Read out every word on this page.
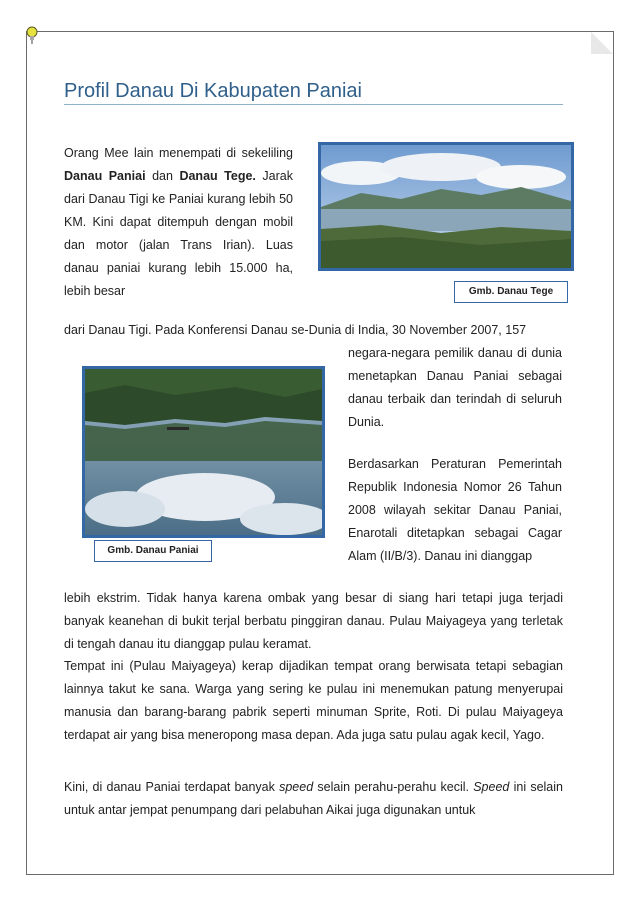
Profil Danau Di Kabupaten Paniai

Orang Mee lain menempati di sekeliling Danau Paniai dan Danau Tege. Jarak dari Danau Tigi ke Paniai kurang lebih 50 KM. Kini dapat ditempuh dengan mobil dan motor (jalan Trans Irian). Luas danau paniai kurang lebih 15.000 ha, lebih besar	Gmb. Danau Tege

dari Danau Tigi. Pada Konferensi Danau se-Dunia di India, 30 November 2007, 157

Gmb. Danau Paniai

negara-negara pemilik danau di dunia menetapkan Danau Paniai sebagai danau terbaik dan terindah di seluruh Dunia.

Berdasarkan Peraturan Pemerintah Republik Indonesia Nomor 26 Tahun 2008 wilayah sekitar Danau Paniai, Enarotali ditetapkan sebagai Cagar Alam (II/B/3). Danau ini dianggap

lebih ekstrim. Tidak hanya karena ombak yang besar di siang hari tetapi juga terjadi banyak keanehan di bukit terjal berbatu pinggiran danau. Pulau Maiyageya yang terletak di tengah danau itu dianggap pulau keramat.

Tempat ini (Pulau Maiyageya) kerap dijadikan tempat orang berwisata tetapi sebagian lainnya takut ke sana. Warga yang sering ke pulau ini menemukan patung menyerupai manusia dan barang-barang pabrik seperti minuman Sprite, Roti. Di pulau Maiyageya terdapat air yang bisa meneropong masa depan. Ada juga satu pulau agak kecil, Yago.

Kini, di danau Paniai terdapat banyak speed selain perahu-perahu kecil. Speed ini selain untuk antar jempat penumpang dari pelabuhan Aikai juga digunakan untuk
